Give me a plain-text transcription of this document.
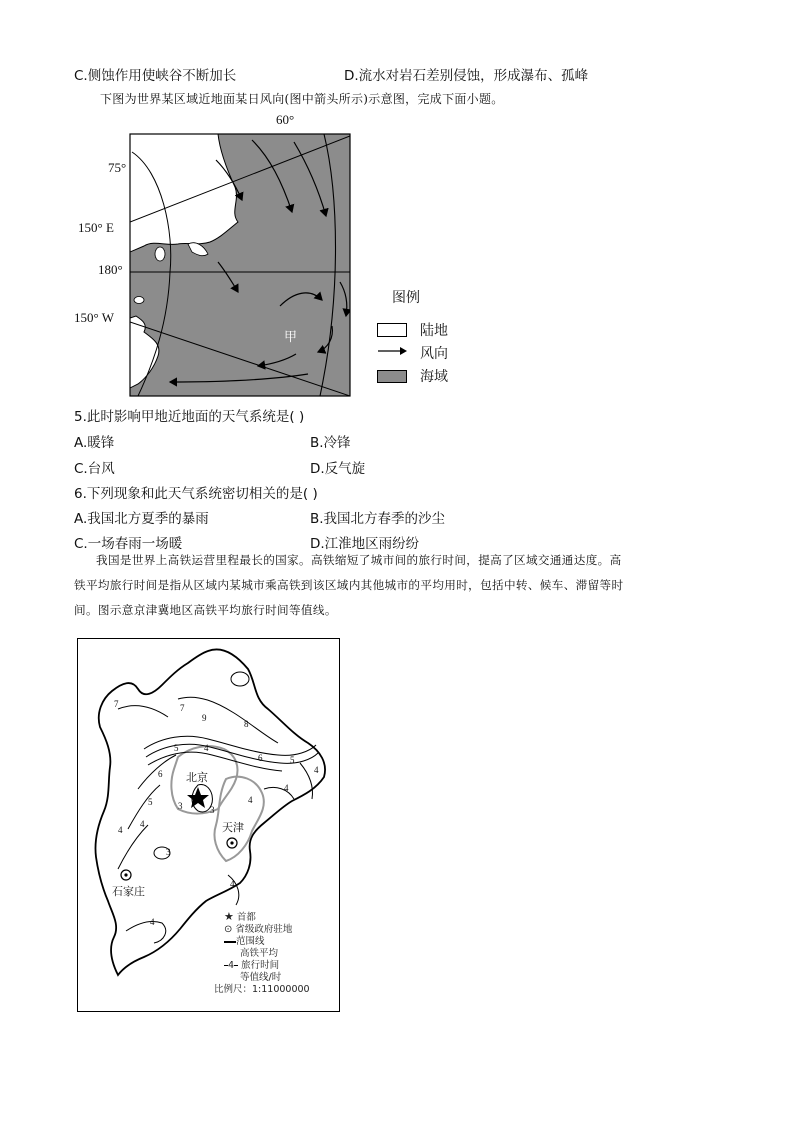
C.侧蚀作用使峡谷不断加长	D.流水对岩石差别侵蚀，形成瀑布、孤峰
下图为世界某区域近地面某日风向(图中箭头所示)示意图，完成下面小题。
60°
75°
150° E
180°
150° W
甲
图例
陆地
风向
海域
5.此时影响甲地近地面的天气系统是( )
A.暖锋	B.冷锋
C.台风	D.反气旋
6.下列现象和此天气系统密切相关的是( )
A.我国北方夏季的暴雨	B.我国北方春季的沙尘
C.一场春雨一场暖	D.江淮地区雨纷纷
我国是世界上高铁运营里程最长的国家。高铁缩短了城市间的旅行时间，提高了区域交通通达度。高
铁平均旅行时间是指从区域内某城市乘高铁到该区域内其他城市的平均用时，包括中转、候车、滞留等时
间。图示意京津冀地区高铁平均旅行时间等值线。
7	7
9
8
5	4
6
5
6
5
4
3
3
4
3
4
4
4
4
4
北京
天津
石家庄
★ 首都
⊙ 省级政府驻地
范围线
高铁平均
4 旅行时间
等值线/时
比例尺：1:11000000
